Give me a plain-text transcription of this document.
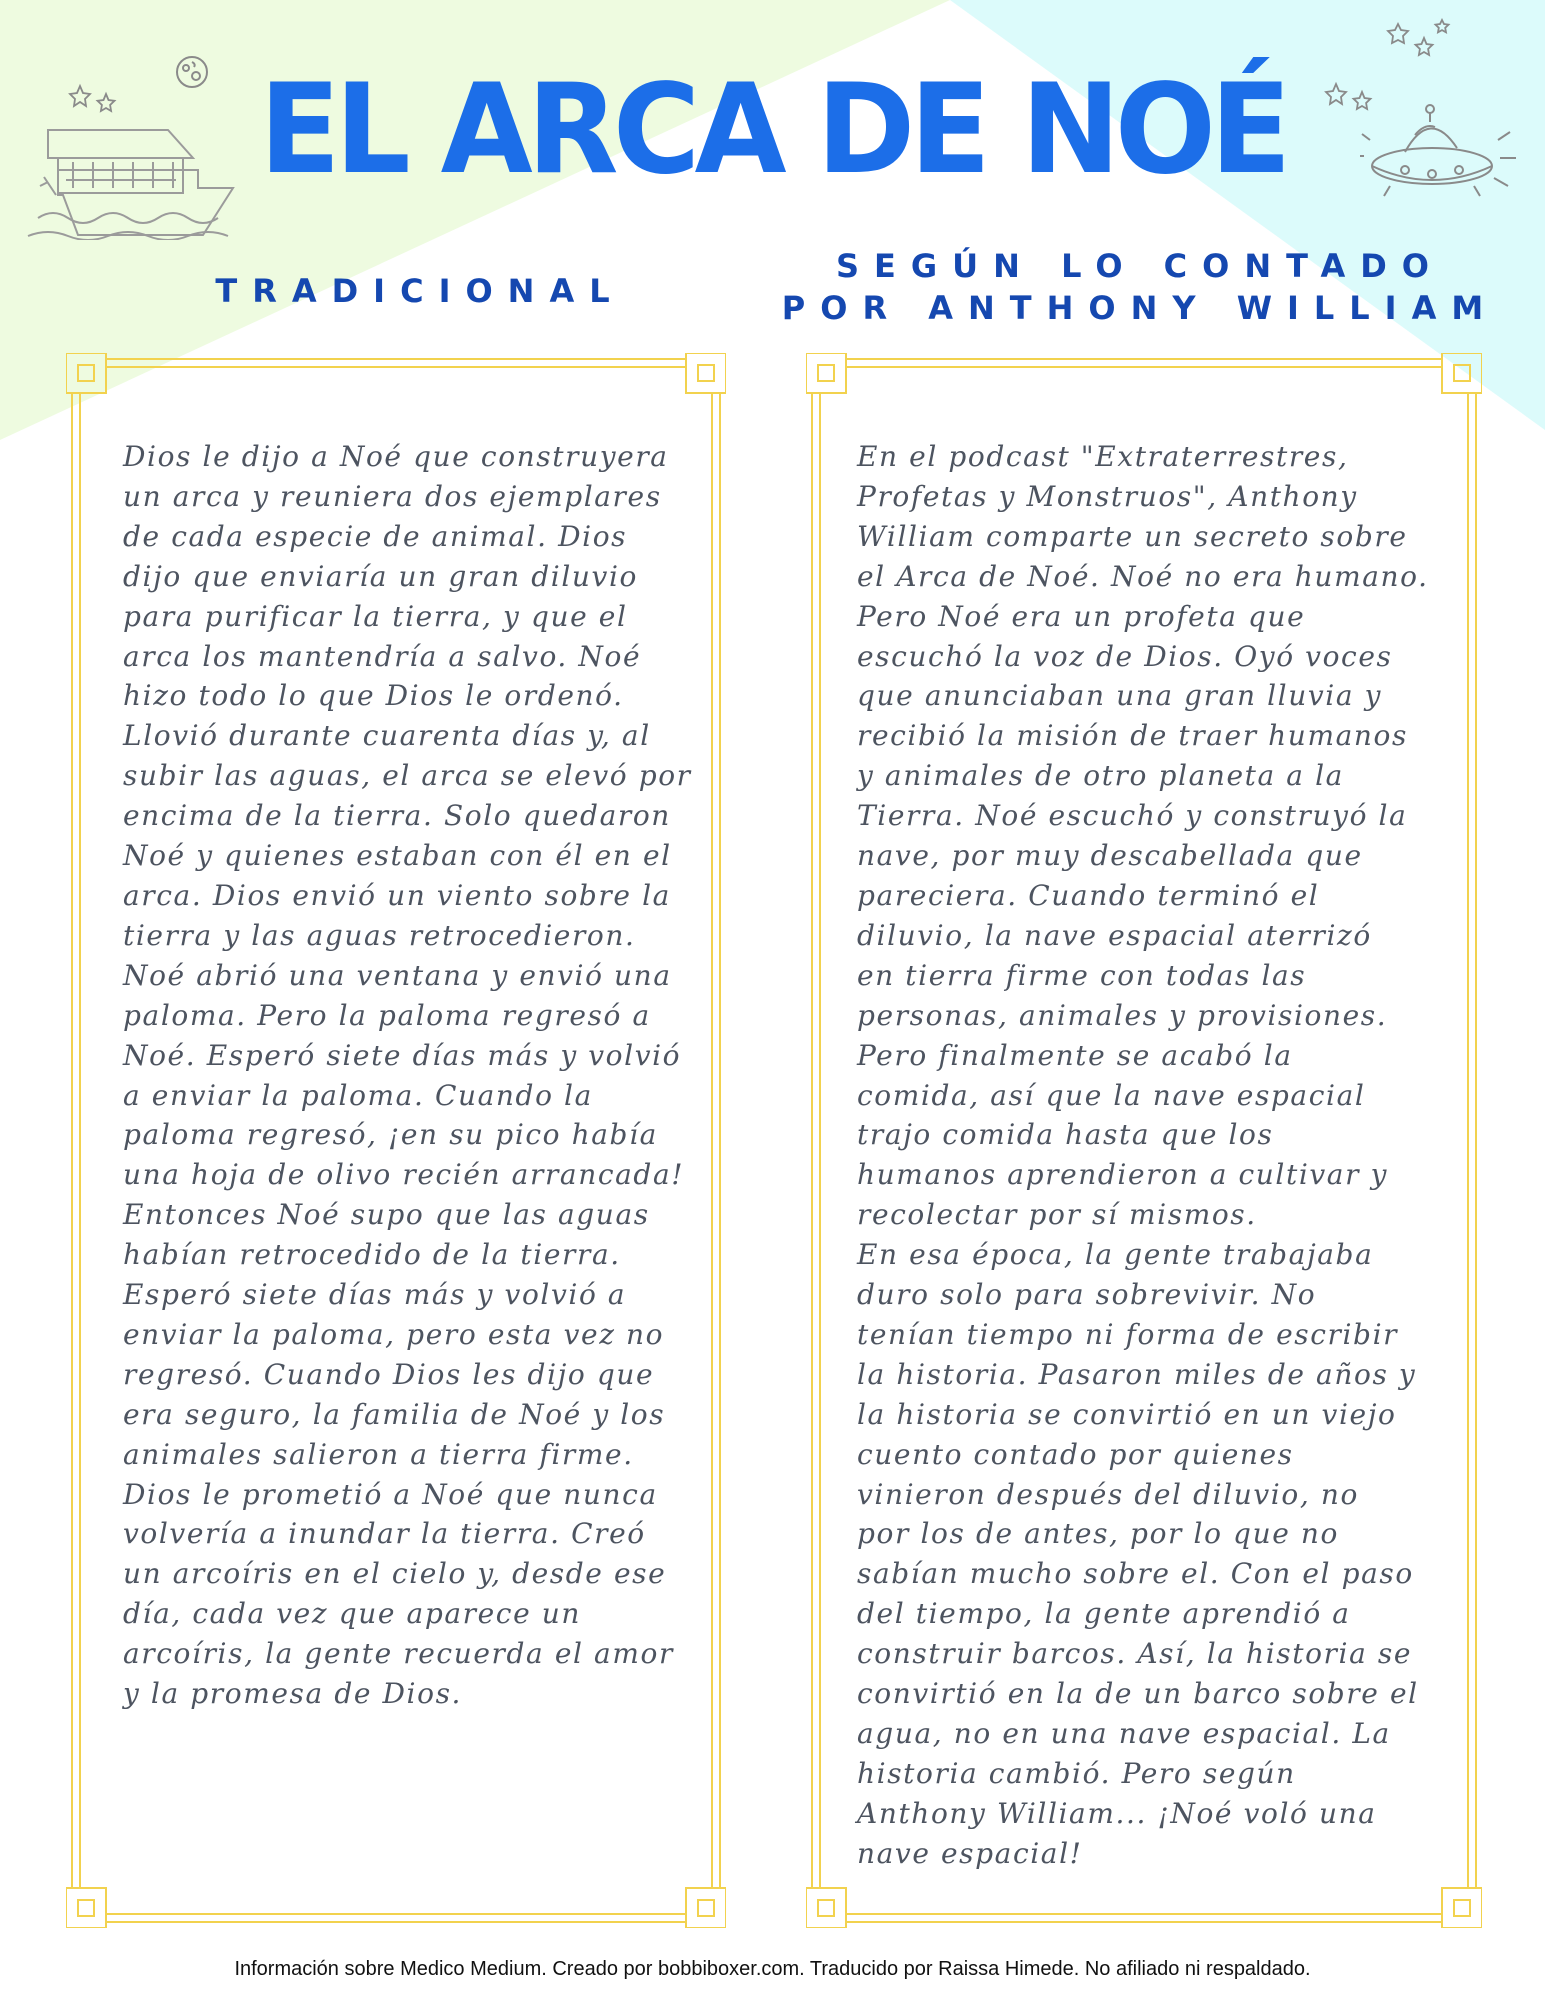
EL ARCA DE NOÉ
TRADICIONAL
SEGÚN LO CONTADO
POR ANTHONY WILLIAM
Dios le dijo a Noé que construyera
un arca y reuniera dos ejemplares
de cada especie de animal. Dios
dijo que enviaría un gran diluvio
para purificar la tierra, y que el
arca los mantendría a salvo. Noé
hizo todo lo que Dios le ordenó.
Llovió durante cuarenta días y, al
subir las aguas, el arca se elevó por
encima de la tierra. Solo quedaron
Noé y quienes estaban con él en el
arca. Dios envió un viento sobre la
tierra y las aguas retrocedieron.
Noé abrió una ventana y envió una
paloma. Pero la paloma regresó a
Noé. Esperó siete días más y volvió
a enviar la paloma. Cuando la
paloma regresó, ¡en su pico había
una hoja de olivo recién arrancada!
Entonces Noé supo que las aguas
habían retrocedido de la tierra.
Esperó siete días más y volvió a
enviar la paloma, pero esta vez no
regresó. Cuando Dios les dijo que
era seguro, la familia de Noé y los
animales salieron a tierra firme.
Dios le prometió a Noé que nunca
volvería a inundar la tierra. Creó
un arcoíris en el cielo y, desde ese
día, cada vez que aparece un
arcoíris, la gente recuerda el amor
y la promesa de Dios.
En el podcast "Extraterrestres,
Profetas y Monstruos", Anthony
William comparte un secreto sobre
el Arca de Noé. Noé no era humano.
Pero Noé era un profeta que
escuchó la voz de Dios. Oyó voces
que anunciaban una gran lluvia y
recibió la misión de traer humanos
y animales de otro planeta a la
Tierra. Noé escuchó y construyó la
nave, por muy descabellada que
pareciera. Cuando terminó el
diluvio, la nave espacial aterrizó
en tierra firme con todas las
personas, animales y provisiones.
Pero finalmente se acabó la
comida, así que la nave espacial
trajo comida hasta que los
humanos aprendieron a cultivar y
recolectar por sí mismos.
En esa época, la gente trabajaba
duro solo para sobrevivir. No
tenían tiempo ni forma de escribir
la historia. Pasaron miles de años y
la historia se convirtió en un viejo
cuento contado por quienes
vinieron después del diluvio, no
por los de antes, por lo que no
sabían mucho sobre el. Con el paso
del tiempo, la gente aprendió a
construir barcos. Así, la historia se
convirtió en la de un barco sobre el
agua, no en una nave espacial. La
historia cambió. Pero según
Anthony William... ¡Noé voló una
nave espacial!

Información sobre Medico Medium. Creado por bobbiboxer.com. Traducido por Raissa Himede. No afiliado ni respaldado.
